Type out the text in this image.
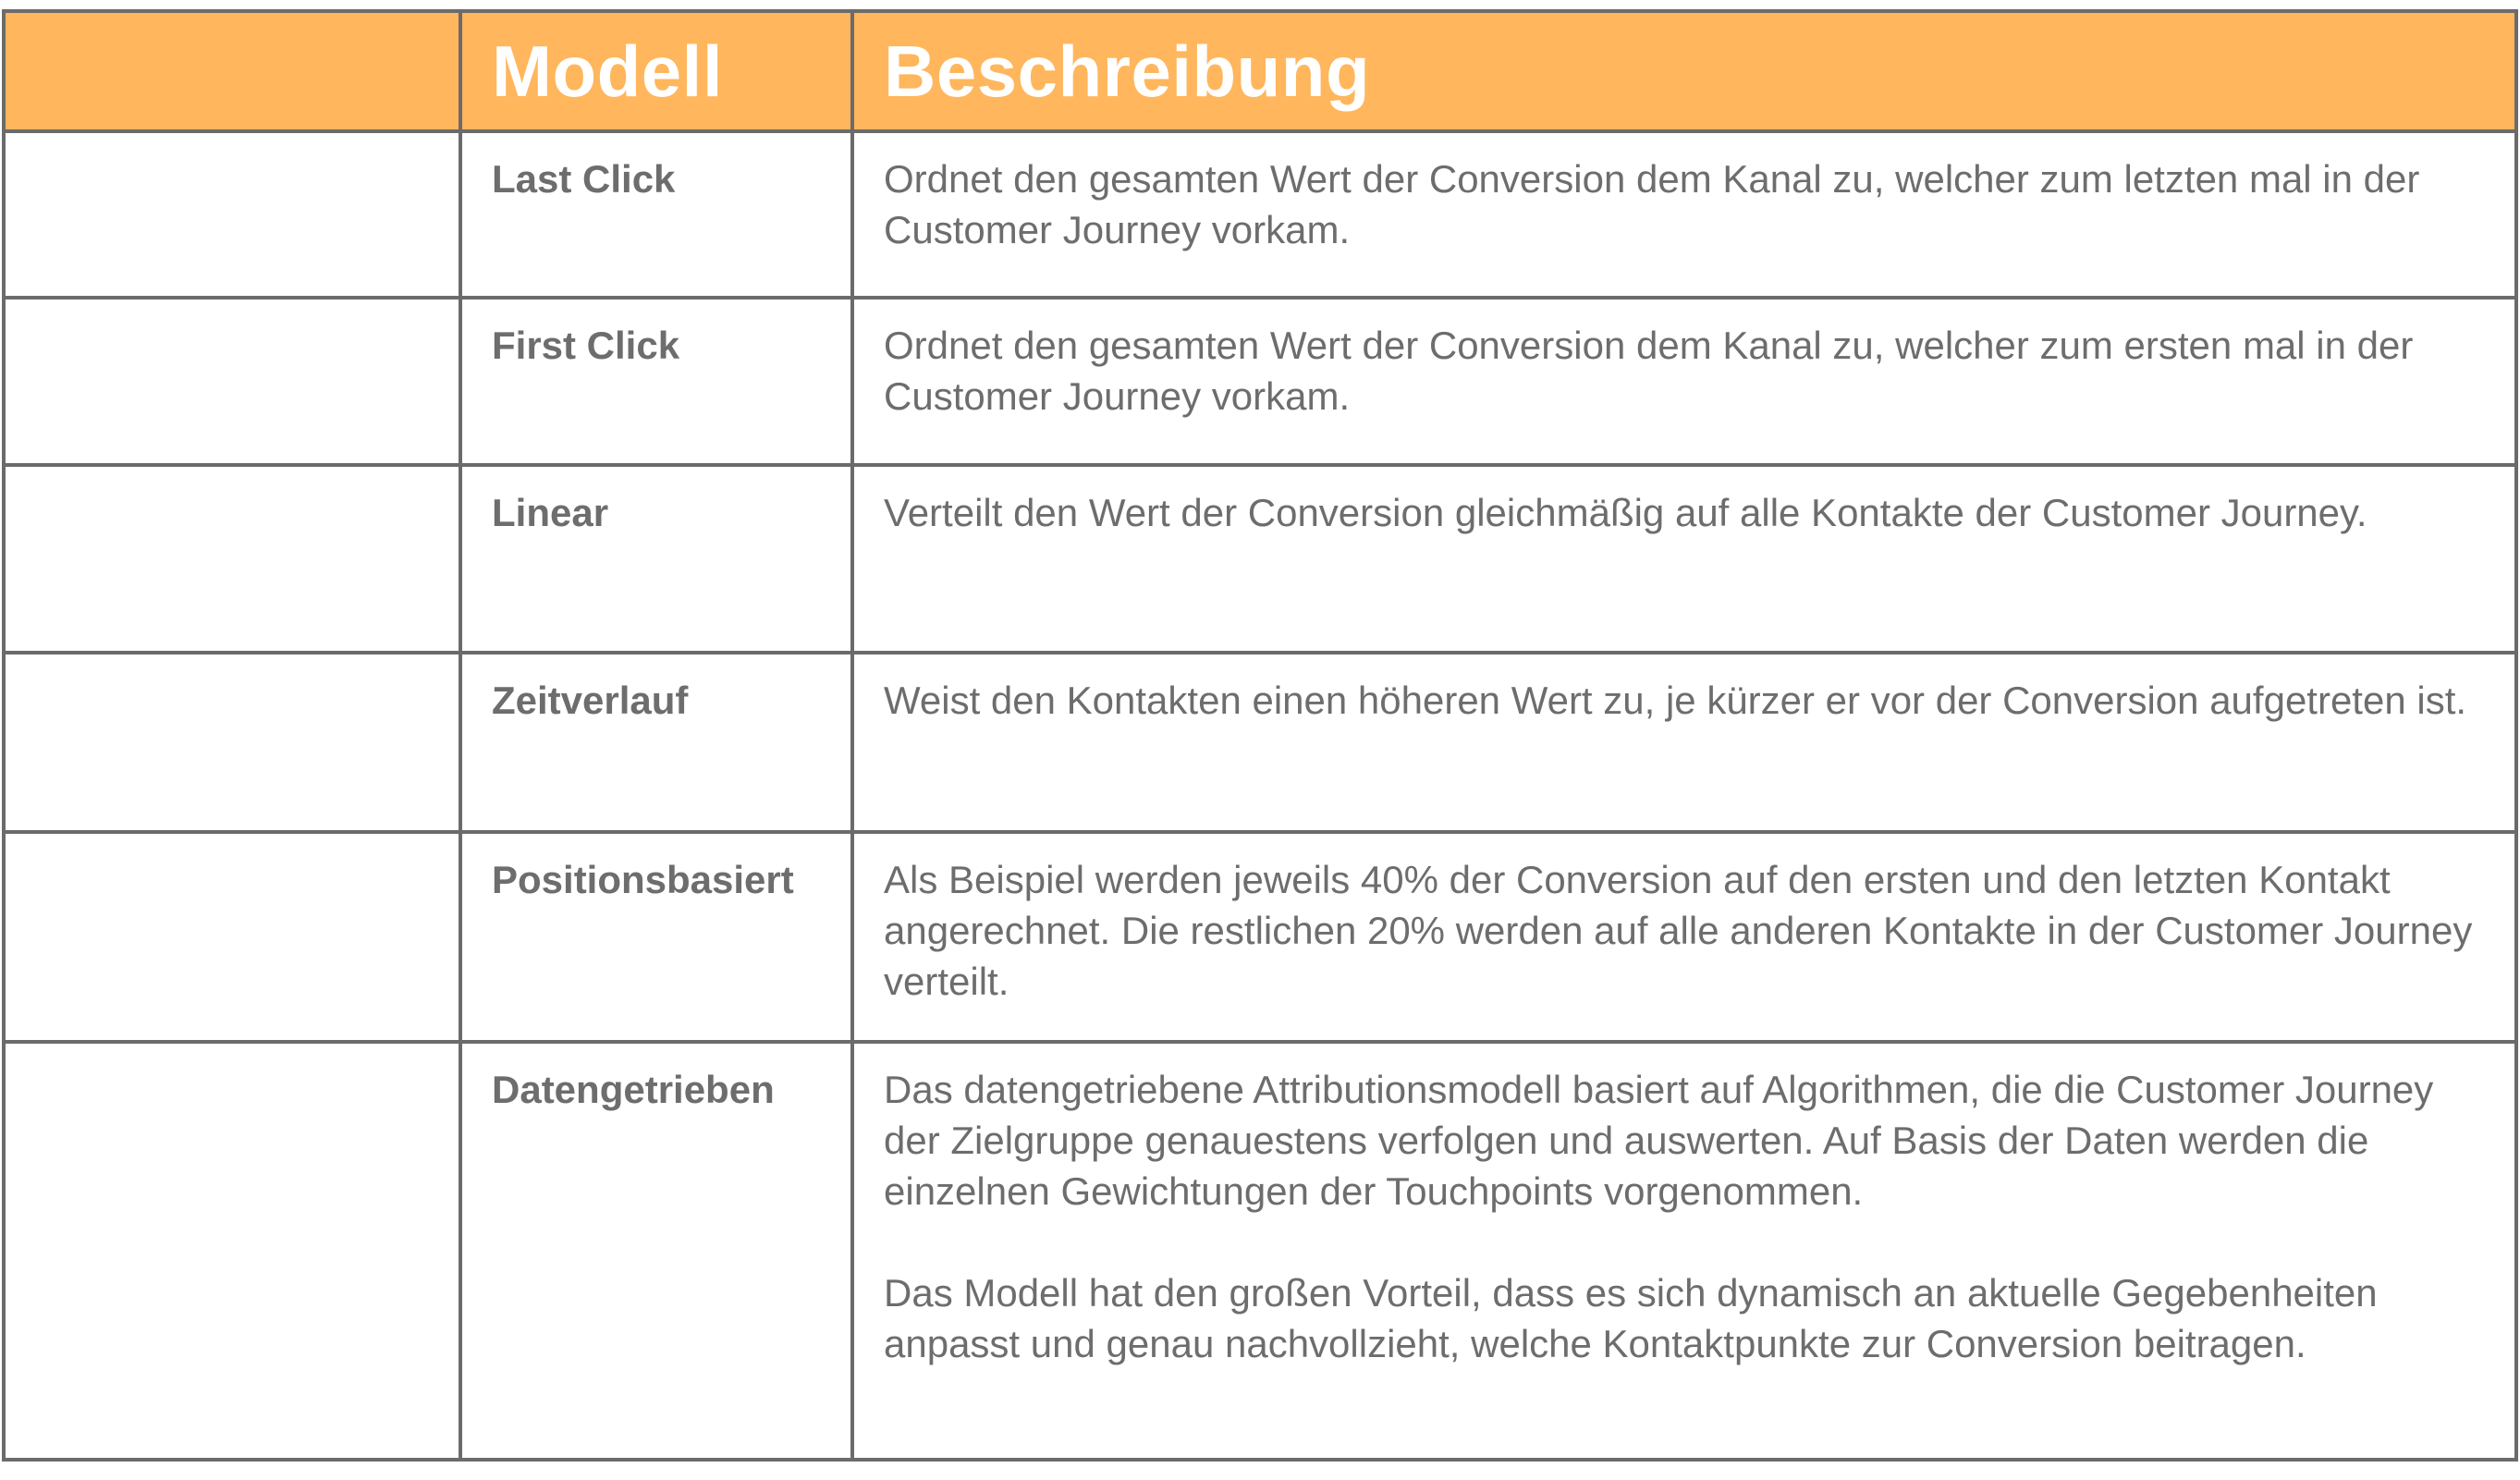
	Modell	Beschreibung
	Last Click	Ordnet den gesamten Wert der Conversion dem Kanal zu, welcher zum letzten mal in der Customer Journey vorkam.

	First Click	Ordnet den gesamten Wert der Conversion dem Kanal zu, welcher zum ersten mal in der Customer Journey vorkam.

	Linear	Verteilt den Wert der Conversion gleichmäßig auf alle Kontakte der Customer Journey.

	Zeitverlauf	Weist den Kontakten einen höheren Wert zu, je kürzer er vor der Conversion aufgetreten ist.

	Positionsbasiert	Als Beispiel werden jeweils 40% der Conversion auf den ersten und den letzten Kontakt angerechnet. Die restlichen 20% werden auf alle anderen Kontakte in der Customer Journey verteilt.

	Datengetrieben	Das datengetriebene Attributionsmodell basiert auf Algorithmen, die die Customer Journey der Zielgruppe genauestens verfolgen und auswerten. Auf Basis der Daten werden die einzelnen Gewichtungen der Touchpoints vorgenommen.

Das Modell hat den großen Vorteil, dass es sich dynamisch an aktuelle Gegebenheiten anpasst und genau nachvollzieht, welche Kontaktpunkte zur Conversion beitragen.
